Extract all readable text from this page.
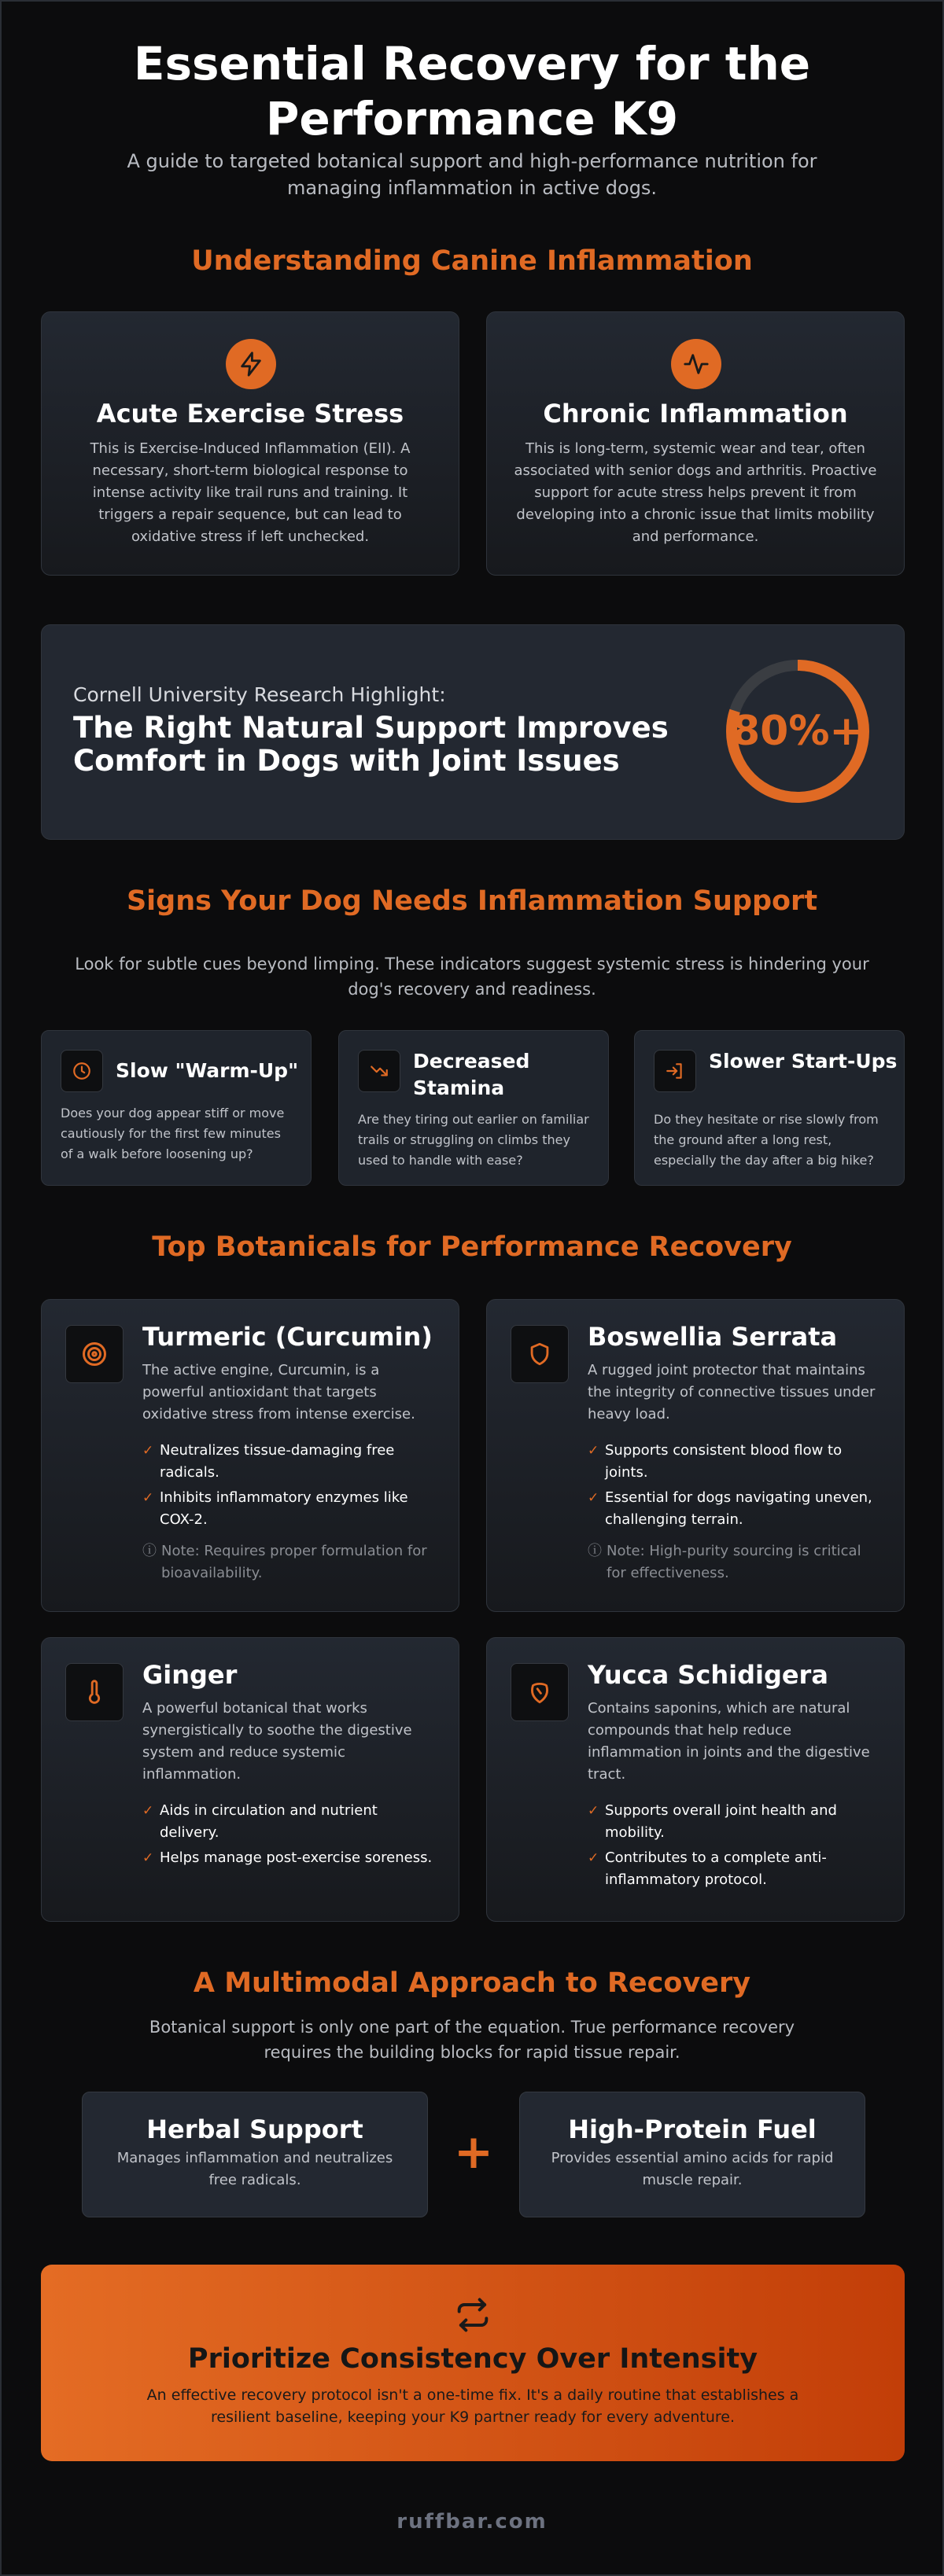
Essential Recovery for the Performance K9

A guide to targeted botanical support and high-performance nutrition for managing inflammation in active dogs.

Understanding Canine Inflammation
Acute Exercise Stress

This is Exercise-Induced Inflammation (EII). A necessary, short-term biological response to intense activity like trail runs and training. It triggers a repair sequence, but can lead to oxidative stress if left unchecked.

Chronic Inflammation

This is long-term, systemic wear and tear, often associated with senior dogs and arthritis. Proactive support for acute stress helps prevent it from developing into a chronic issue that limits mobility and performance.

Cornell University Research Highlight:
The Right Natural Support Improves Comfort in Dogs with Joint Issues
80%+
Signs Your Dog Needs Inflammation Support

Look for subtle cues beyond limping. These indicators suggest systemic stress is hindering your dog's recovery and readiness.

Slow "Warm-Up"

Does your dog appear stiff or move cautiously for the first few minutes of a walk before loosening up?

Decreased Stamina

Are they tiring out earlier on familiar trails or struggling on climbs they used to handle with ease?

Slower Start-Ups

Do they hesitate or rise slowly from the ground after a long rest, especially the day after a big hike?

Top Botanicals for Performance Recovery
Turmeric (Curcumin)

The active engine, Curcumin, is a powerful antioxidant that targets oxidative stress from intense exercise.

✓ Neutralizes tissue-damaging free radicals.
✓ Inhibits inflammatory enzymes like COX-2.

ⓘ Note: Requires proper formulation for bioavailability.

Boswellia Serrata

A rugged joint protector that maintains the integrity of connective tissues under heavy load.

✓ Supports consistent blood flow to joints.
✓ Essential for dogs navigating uneven, challenging terrain.

ⓘ Note: High-purity sourcing is critical for effectiveness.

Ginger

A powerful botanical that works synergistically to soothe the digestive system and reduce systemic inflammation.

✓ Aids in circulation and nutrient delivery.
✓ Helps manage post-exercise soreness.
Yucca Schidigera

Contains saponins, which are natural compounds that help reduce inflammation in joints and the digestive tract.

✓ Supports overall joint health and mobility.
✓ Contributes to a complete anti-inflammatory protocol.
A Multimodal Approach to Recovery

Botanical support is only one part of the equation. True performance recovery requires the building blocks for rapid tissue repair.

Herbal Support

Manages inflammation and neutralizes free radicals.

+	High-Protein Fuel

Provides essential amino acids for rapid muscle repair.

Prioritize Consistency Over Intensity

An effective recovery protocol isn't a one-time fix. It's a daily routine that establishes a resilient baseline, keeping your K9 partner ready for every adventure.

ruffbar.com
